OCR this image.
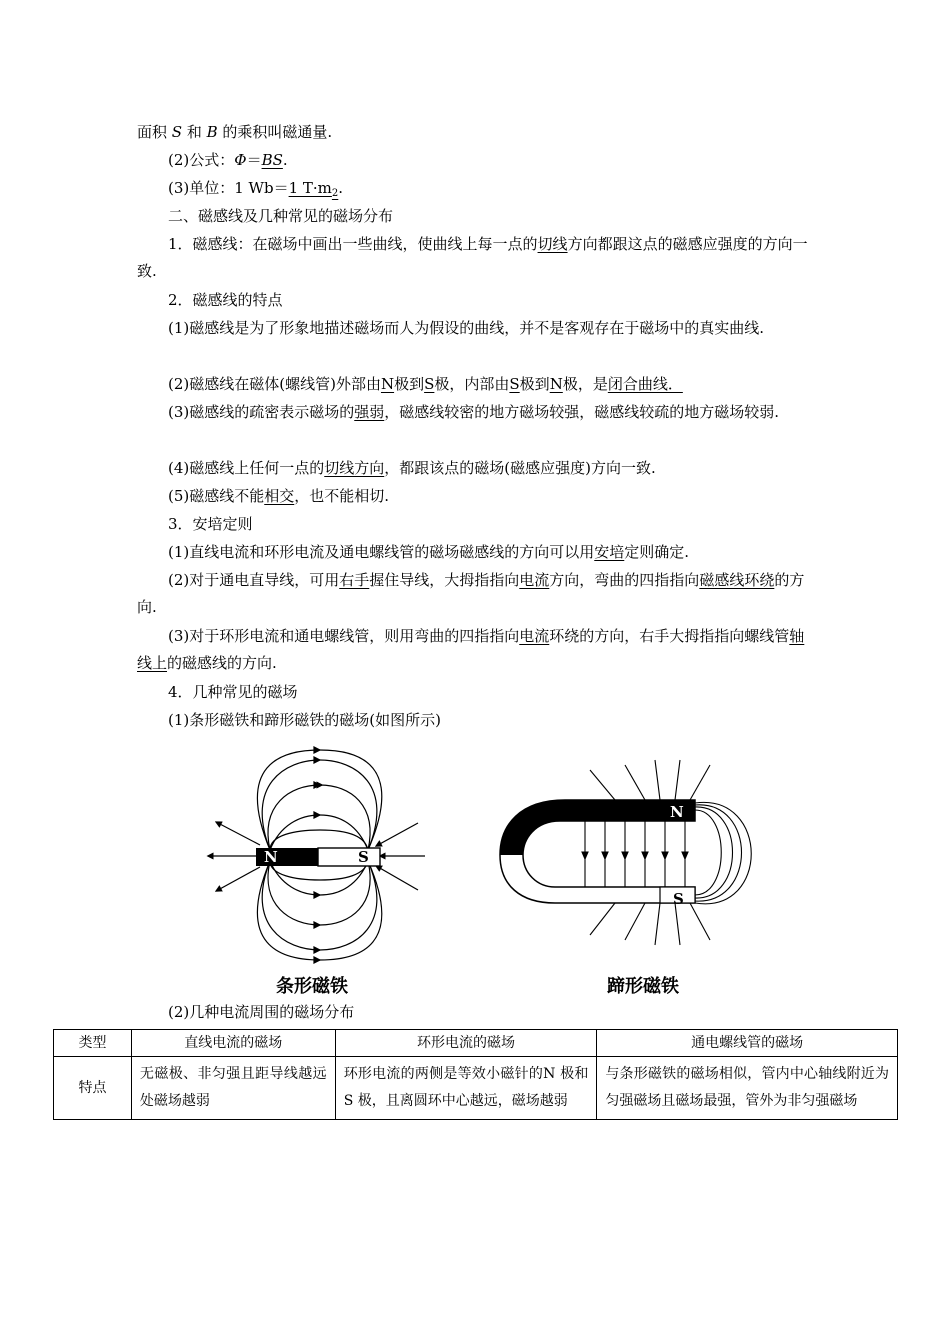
面积 S 和 B 的乘积叫磁通量.

(2)公式：Φ＝BS.

(3)单位：1 Wb＝1 $T\cdot m_2$.

二、磁感线及几种常见的磁场分布

1．磁感线：在磁场中画出一些曲线，使曲线上每一点的切线方向都跟这点的磁感应强度的方向一致.

2．磁感线的特点

(1)磁感线是为了形象地描述磁场而人为假设的曲线，并不是客观存在于磁场中的真实曲线.

(2)磁感线在磁体(螺线管)外部由N极到S极，内部由S极到N极，是闭合曲线．

(3)磁感线的疏密表示磁场的强弱，磁感线较密的地方磁场较强，磁感线较疏的地方磁场较弱.

(4)磁感线上任何一点的切线方向，都跟该点的磁场(磁感应强度)方向一致.

(5)磁感线不能相交，也不能相切.

3．安培定则

(1)直线电流和环形电流及通电螺线管的磁场磁感线的方向可以用安培定则确定.

(2)对于通电直导线，可用右手握住导线，大拇指指向电流方向，弯曲的四指指向磁感线环绕的方向.

(3)对于环形电流和通电螺线管，则用弯曲的四指指向电流环绕的方向，右手大拇指指向螺线管轴线上的磁感线的方向.

4．几种常见的磁场

(1)条形磁铁和蹄形磁铁的磁场(如图所示)

N	S
条形磁铁
N
S
蹄形磁铁

(2)几种电流周围的磁场分布

类型	直线电流的磁场	环形电流的磁场	通电螺线管的磁场
特点	无磁极、非匀强且距导线越远处磁场越弱	环形电流的两侧是等效小磁针的N 极和 S 极，且离圆环中心越远，磁场越弱	与条形磁铁的磁场相似，管内中心轴线附近为匀强磁场且磁场最强，管外为非匀强磁场
